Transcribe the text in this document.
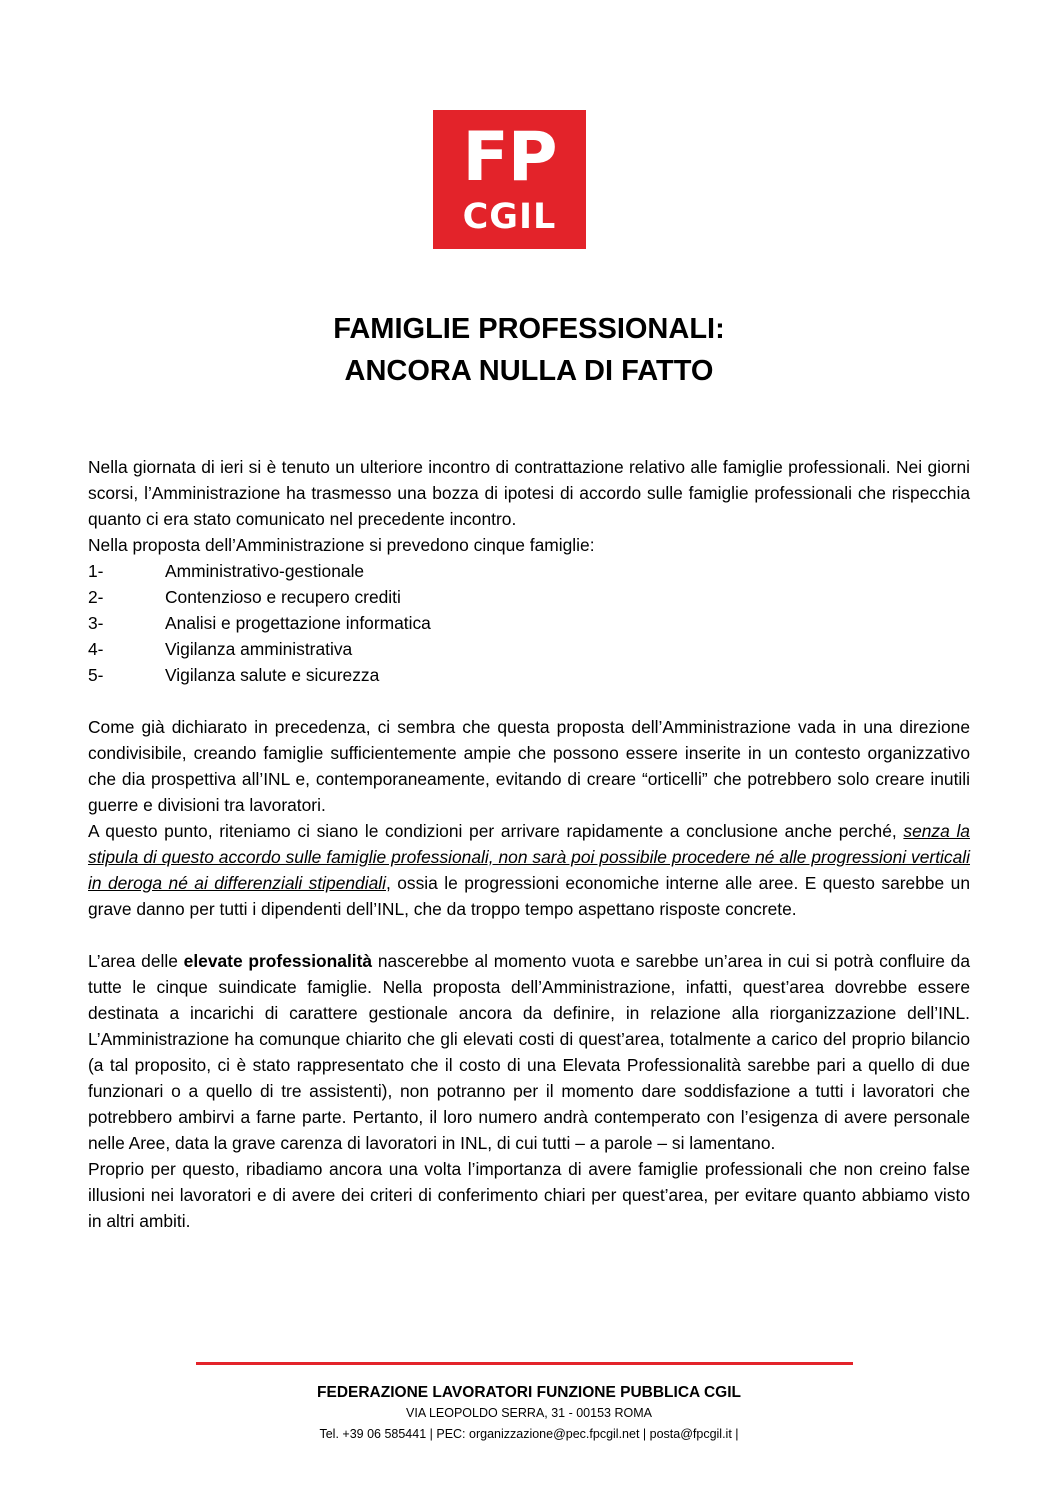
FP
CGIL
FAMIGLIE PROFESSIONALI:
ANCORA NULLA DI FATTO

Nella giornata di ieri si è tenuto un ulteriore incontro di contrattazione relativo alle famiglie professionali. Nei giorni scorsi, l’Amministrazione ha trasmesso una bozza di ipotesi di accordo sulle famiglie professionali che rispecchia quanto ci era stato comunicato nel precedente incontro.

Nella proposta dell’Amministrazione si prevedono cinque famiglie:

1-	Amministrativo-gestionale
2-	Contenzioso e recupero crediti
3-	Analisi e progettazione informatica
4-	Vigilanza amministrativa
5-	Vigilanza salute e sicurezza

Come già dichiarato in precedenza, ci sembra che questa proposta dell’Amministrazione vada in una direzione condivisibile, creando famiglie sufficientemente ampie che possono essere inserite in un contesto organizzativo che dia prospettiva all’INL e, contemporaneamente, evitando di creare “orticelli” che potrebbero solo creare inutili guerre e divisioni tra lavoratori.

A questo punto, riteniamo ci siano le condizioni per arrivare rapidamente a conclusione anche perché, senza la stipula di questo accordo sulle famiglie professionali, non sarà poi possibile procedere né alle progressioni verticali in deroga né ai differenziali stipendiali, ossia le progressioni economiche interne alle aree. E questo sarebbe un grave danno per tutti i dipendenti dell’INL, che da troppo tempo aspettano risposte concrete.

L’area delle elevate professionalità nascerebbe al momento vuota e sarebbe un’area in cui si potrà confluire da tutte le cinque suindicate famiglie. Nella proposta dell’Amministrazione, infatti, quest’area dovrebbe essere destinata a incarichi di carattere gestionale ancora da definire, in relazione alla riorganizzazione dell’INL. L’Amministrazione ha comunque chiarito che gli elevati costi di quest’area, totalmente a carico del proprio bilancio (a tal proposito, ci è stato rappresentato che il costo di una Elevata Professionalità sarebbe pari a quello di due funzionari o a quello di tre assistenti), non potranno per il momento dare soddisfazione a tutti i lavoratori che potrebbero ambirvi a farne parte. Pertanto, il loro numero andrà contemperato con l’esigenza di avere personale nelle Aree, data la grave carenza di lavoratori in INL, di cui tutti – a parole – si lamentano.

Proprio per questo, ribadiamo ancora una volta l’importanza di avere famiglie professionali che non creino false illusioni nei lavoratori e di avere dei criteri di conferimento chiari per quest’area, per evitare quanto abbiamo visto in altri ambiti.

FEDERAZIONE LAVORATORI FUNZIONE PUBBLICA CGIL
VIA LEOPOLDO SERRA, 31 - 00153 ROMA
Tel. +39 06 585441 | PEC: organizzazione@pec.fpcgil.net | posta@fpcgil.it |
